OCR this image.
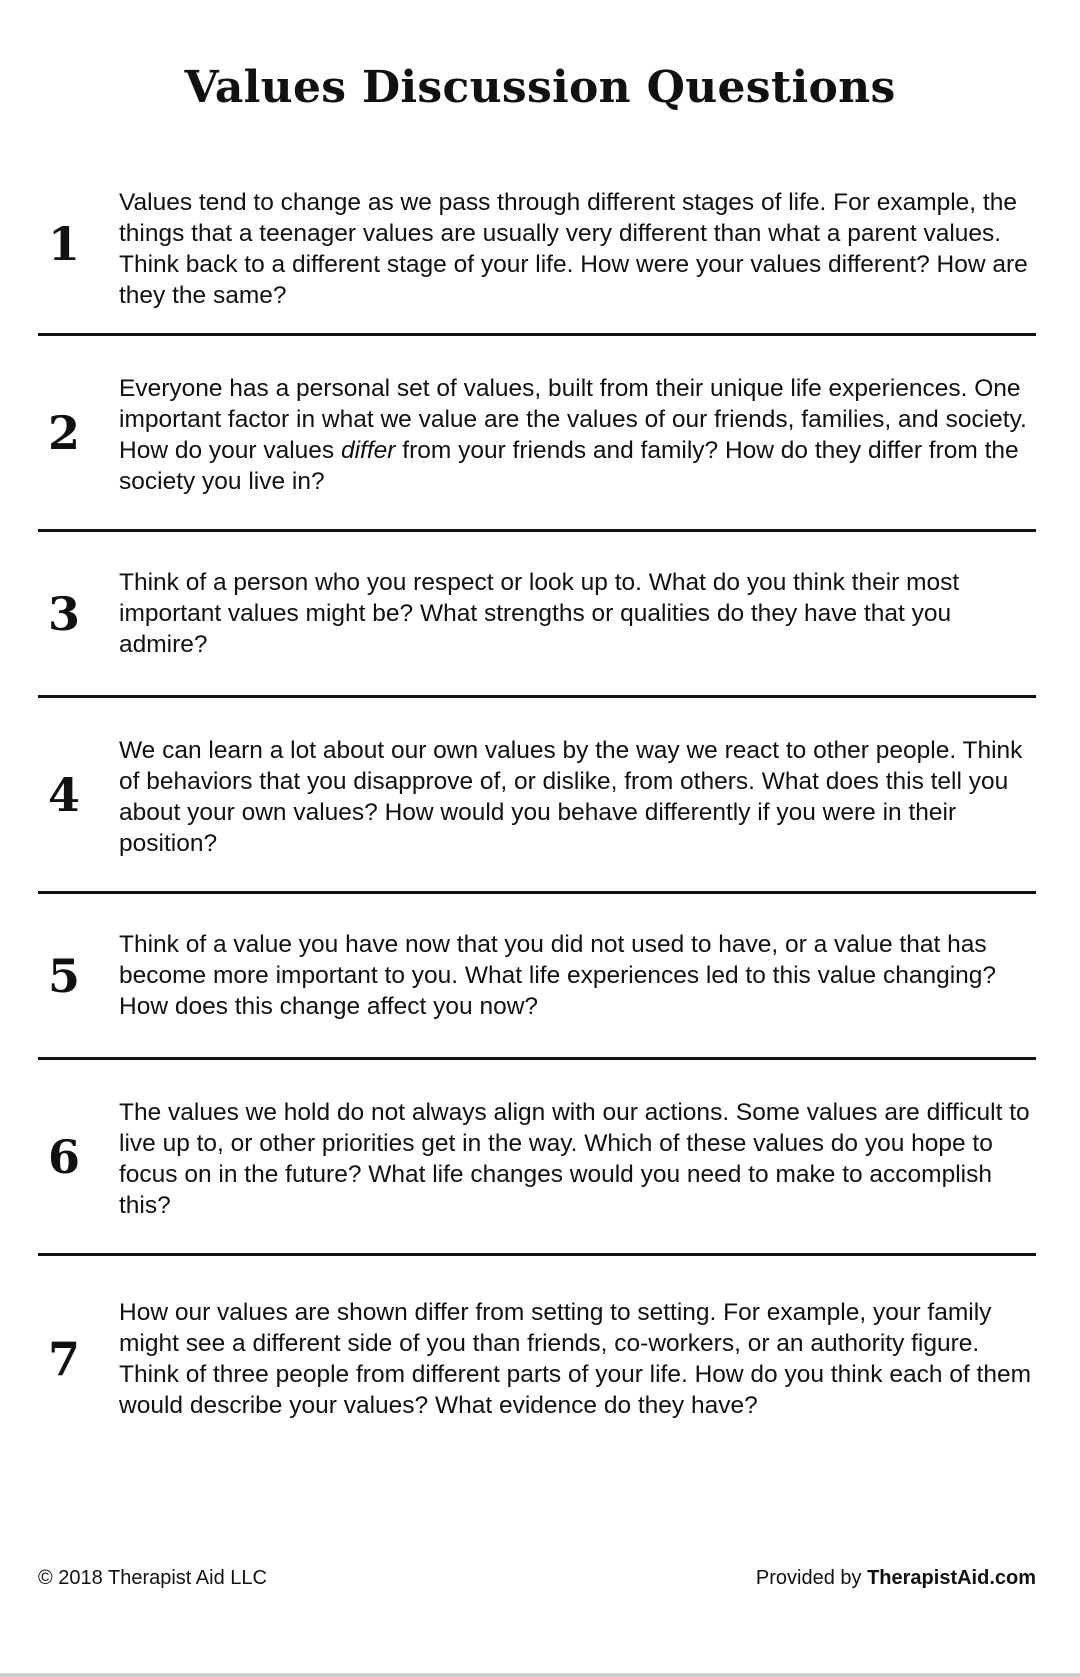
Values Discussion Questions
1
Values tend to change as we pass through different stages of life. For example, the things that a teenager values are usually very different than what a parent values. Think back to a different stage of your life. How were your values different? How are they the same?
2
Everyone has a personal set of values, built from their unique life experiences. One important factor in what we value are the values of our friends, families, and society. How do your values differ from your friends and family? How do they differ from the society you live in?
3
Think of a person who you respect or look up to. What do you think their most important values might be? What strengths or qualities do they have that you admire?
4
We can learn a lot about our own values by the way we react to other people. Think of behaviors that you disapprove of, or dislike, from others. What does this tell you about your own values? How would you behave differently if you were in their position?
5
Think of a value you have now that you did not used to have, or a value that has become more important to you. What life experiences led to this value changing? How does this change affect you now?
6
The values we hold do not always align with our actions. Some values are difficult to live up to, or other priorities get in the way. Which of these values do you hope to focus on in the future? What life changes would you need to make to accomplish this?
7
How our values are shown differ from setting to setting. For example, your family might see a different side of you than friends, co-workers, or an authority figure. Think of three people from different parts of your life. How do you think each of them would describe your values? What evidence do they have?
© 2018 Therapist Aid LLC	Provided by TherapistAid.com
